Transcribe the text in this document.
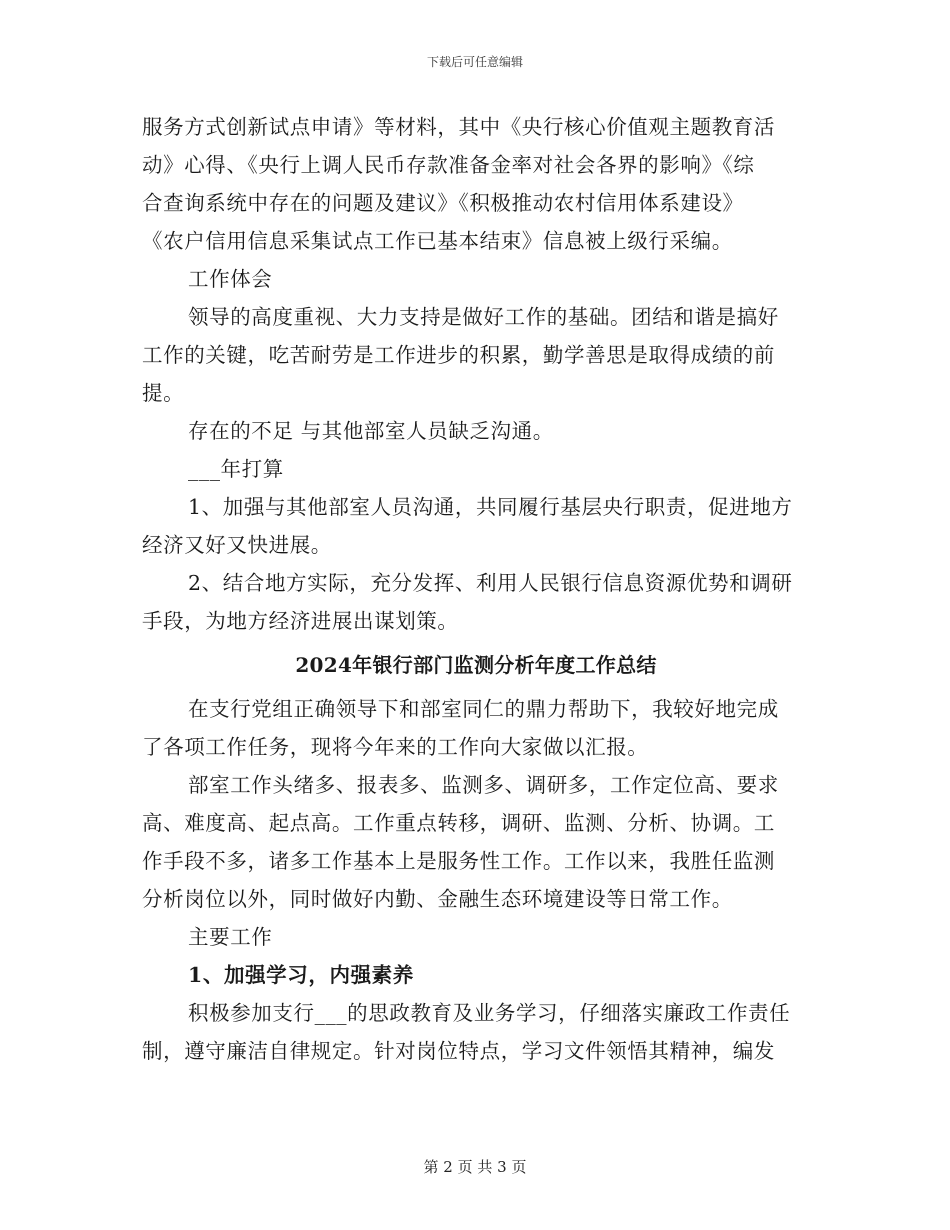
下载后可任意编辑
服务方式创新试点申请》等材料，其中《央行核心价值观主题教育活
动》心得、《央行上调人民币存款准备金率对社会各界的影响》《综
合查询系统中存在的问题及建议》《积极推动农村信用体系建设》
《农户信用信息采集试点工作已基本结束》信息被上级行采编。
工作体会
领导的高度重视、大力支持是做好工作的基础。团结和谐是搞好
工作的关键，吃苦耐劳是工作进步的积累，勤学善思是取得成绩的前
提。
存在的不足 与其他部室人员缺乏沟通。
___年打算
1、加强与其他部室人员沟通，共同履行基层央行职责，促进地方
经济又好又快进展。
2、结合地方实际，充分发挥、利用人民银行信息资源优势和调研
手段，为地方经济进展出谋划策。
2024年银行部门监测分析年度工作总结
在支行党组正确领导下和部室同仁的鼎力帮助下，我较好地完成
了各项工作任务，现将今年来的工作向大家做以汇报。
部室工作头绪多、报表多、监测多、调研多，工作定位高、要求
高、难度高、起点高。工作重点转移，调研、监测、分析、协调。工
作手段不多，诸多工作基本上是服务性工作。工作以来，我胜任监测
分析岗位以外，同时做好内勤、金融生态环境建设等日常工作。
主要工作
1、加强学习，内强素养
积极参加支行___的思政教育及业务学习，仔细落实廉政工作责任
制，遵守廉洁自律规定。针对岗位特点，学习文件领悟其精神，编发
第 2 页 共 3 页
